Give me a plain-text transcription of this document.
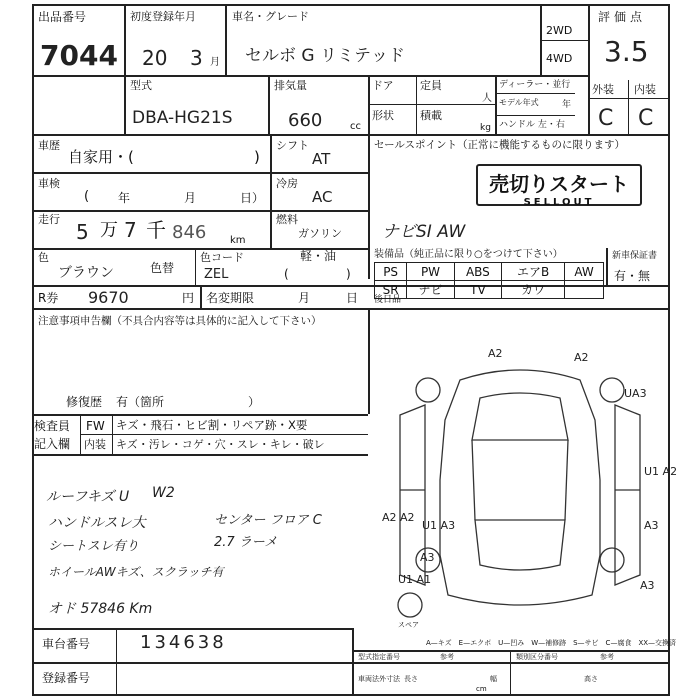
出品番号
7044
初度登録年月
20 3 月
車名・グレード
セルボ G リミテッド
2WD
4WD
評価点
3.5
型式
DBA-HG21S
排気量
660	cc
ドア 定員
人
形状 積載
kg
ディーラー・並行
モデル年式	年
ハンドル 左・右
外装 内装
C C
車歴
自家用・(	)
シフト
AT
セールスポイント（正常に機能するものに限ります）
売切りスタート
SELLOUT
ナビSI AW
車検
( 年	月	日）
冷房
AC
走行
5 万 7 千 846 km
燃料
ガソリン
軽・油
(	)
色
ブラウン	色替
色コード
ZEL
装備品（純正品に限り○をつけて下さい）
PS	PW	ABS	エアB	AW
SR	ナビ	TV	カワ	
新車保証書
有・無
R券 9670	円 名変期限	月	日 後日品
注意事項申告欄（不具合内容等は具体的に記入して下さい）
修復歴 有（箇所	）
検査員
記入欄
FW キズ・飛石・ヒビ割・リペア跡・X要
内装 キズ・汚レ・コゲ・穴・スレ・キレ・破レ
ルーフキズ U W2
ハンドルスレ大
シートスレ有り
ホイールAWキズ、スクラッチ有
センター フロア C
2.7 ラーメ
オド 57846 Km
A2	A2
UA3
U1 A2
A3
A2 A2
U1 A3
A3
U1 A1	A3
スペア
A—キズ　E—エクボ　U—凹み　W—補修跡　S—サビ　C—腐食　XX—交換済
車台番号	134638
登録番号
型式指定番号	類別区分番号
参考	参考
車両法外寸法 長さ	幅	高さ
cm
